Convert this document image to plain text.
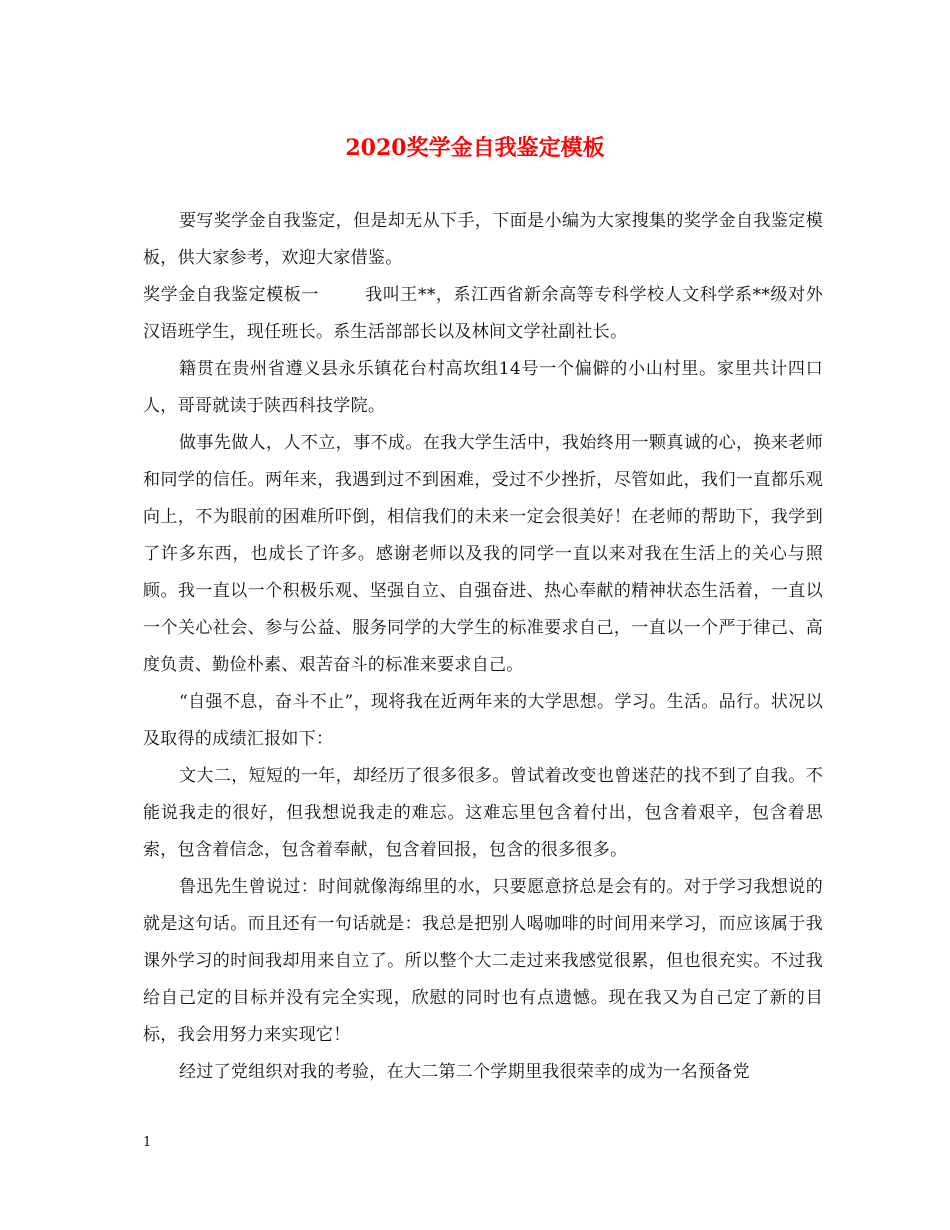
2020奖学金自我鉴定模板

要写奖学金自我鉴定，但是却无从下手，下面是小编为大家搜集的奖学金自我鉴定模板，供大家参考，欢迎大家借鉴。

奖学金自我鉴定模板一	我叫王**，系江西省新余高等专科学校人文科学系**级对外汉语班学生，现任班长。系生活部部长以及林间文学社副社长。

籍贯在贵州省遵义县永乐镇花台村高坎组14号一个偏僻的小山村里。家里共计四口人，哥哥就读于陕西科技学院。

做事先做人，人不立，事不成。在我大学生活中，我始终用一颗真诚的心，换来老师和同学的信任。两年来，我遇到过不到困难，受过不少挫折，尽管如此，我们一直都乐观向上，不为眼前的困难所吓倒，相信我们的未来一定会很美好！在老师的帮助下，我学到了许多东西，也成长了许多。感谢老师以及我的同学一直以来对我在生活上的关心与照顾。我一直以一个积极乐观、坚强自立、自强奋进、热心奉献的精神状态生活着，一直以一个关心社会、参与公益、服务同学的大学生的标准要求自己，一直以一个严于律己、高度负责、勤俭朴素、艰苦奋斗的标准来要求自己。

“自强不息，奋斗不止”，现将我在近两年来的大学思想。学习。生活。品行。状况以及取得的成绩汇报如下：

文大二，短短的一年，却经历了很多很多。曾试着改变也曾迷茫的找不到了自我。不能说我走的很好，但我想说我走的难忘。这难忘里包含着付出，包含着艰辛，包含着思索，包含着信念，包含着奉献，包含着回报，包含的很多很多。

鲁迅先生曾说过：时间就像海绵里的水，只要愿意挤总是会有的。对于学习我想说的就是这句话。而且还有一句话就是：我总是把别人喝咖啡的时间用来学习，而应该属于我课外学习的时间我却用来自立了。所以整个大二走过来我感觉很累，但也很充实。不过我给自己定的目标并没有完全实现，欣慰的同时也有点遗憾。现在我又为自己定了新的目标，我会用努力来实现它！

经过了党组织对我的考验，在大二第二个学期里我很荣幸的成为一名预备党

1
